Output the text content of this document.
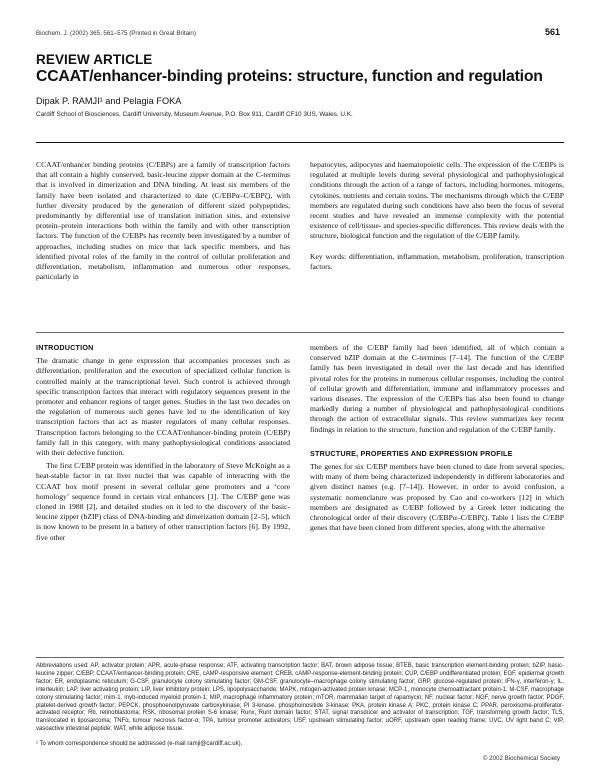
Biochem. J. (2002) 365, 561–575 (Printed in Great Britain)	561
REVIEW ARTICLE
CCAAT/enhancer-binding proteins: structure, function and regulation
Dipak P. RAMJI¹ and Pelagia FOKA
Cardiff School of Biosciences, Cardiff University, Museum Avenue, P.O. Box 911, Cardiff CF10 3US, Wales, U.K.

CCAAT/enhancer binding proteins (C/EBPs) are a family of transcription factors that all contain a highly conserved, basic-leucine zipper domain at the C-terminus that is involved in dimerization and DNA binding. At least six members of the family have been isolated and characterized to date (C/EBPα–C/EBPζ), with further diversity produced by the generation of different sized polypeptides, predominantly by differential use of translation initiation sites, and extensive protein–protein interactions both within the family and with other transcription factors. The function of the C/EBPs has recently been investigated by a number of approaches, including studies on mice that lack specific members, and has identified pivotal roles of the family in the control of cellular proliferation and differentiation, metabolism, inflammation and numerous other responses, particularly in

hepatocytes, adipocytes and haematopoietic cells. The expression of the C/EBPs is regulated at multiple levels during several physiological and pathophysiological conditions through the action of a range of factors, including hormones, mitogens, cytokines, nutrients and certain toxins. The mechanisms through which the C/EBP members are regulated during such conditions have also been the focus of several recent studies and have revealed an immense complexity with the potential existence of cell/tissue- and species-specific differences. This review deals with the structure, biological function and the regulation of the C/EBP family.

Key words: differentiation, inflammation, metabolism, proliferation, transcription factors.

INTRODUCTION

The dramatic change in gene expression that accompanies processes such as differentiation, proliferation and the execution of specialized cellular function is controlled mainly at the transcriptional level. Such control is achieved through specific transcription factors that interact with regulatory sequences present in the promoter and enhancer regions of target genes. Studies in the last two decades on the regulation of numerous such genes have led to the identification of key transcription factors that act as master regulators of many cellular responses. Transcription factors belonging to the CCAAT/enhancer-binding protein (C/EBP) family fall in this category, with many pathophysiological conditions associated with their defective function.

The first C/EBP protein was identified in the laboratory of Steve McKnight as a heat-stable factor in rat liver nuclei that was capable of interacting with the CCAAT box motif present in several cellular gene promoters and a ‘core homology’ sequence found in certain viral enhancers [1]. The C/EBP gene was cloned in 1988 [2], and detailed studies on it led to the discovery of the basic-leucine zipper (bZIP) class of DNA-binding and dimerization domain [2–5], which is now known to be present in a battery of other transcription factors [6]. By 1992, five other

members of the C/EBP family had been identified, all of which contain a conserved bZIP domain at the C-terminus [7–14]. The function of the C/EBP family has been investigated in detail over the last decade and has identified pivotal roles for the proteins in numerous cellular responses, including the control of cellular growth and differentiation, immune and inflammatory processes and various diseases. The expression of the C/EBPs has also been found to change markedly during a number of physiological and pathophysiological conditions through the action of extracellular signals. This review summarizes key recent findings in relation to the structure, function and regulation of the C/EBP family.

STRUCTURE, PROPERTIES AND EXPRESSION PROFILE

The genes for six C/EBP members have been cloned to date from several species, with many of them being characterized independently in different laboratories and given distinct names (e.g. [7–14]). However, in order to avoid confusion, a systematic nomenclature was proposed by Cao and co-workers [12] in which members are designated as C/EBP followed by a Greek letter indicating the chronological order of their discovery (C/EBPα–C/EBPζ). Table 1 lists the C/EBP genes that have been cloned from different species, along with the alternative

Abbreviations used: AP, activator protein; APR, acute-phase response; ATF, activating transcription factor; BAT, brown adipose tissue; BTEB, basic transcription element-binding protein; bZIP, basic-leucine zipper; C/EBP, CCAAT/enhancer-binding protein; CRE, cAMP-responsive element; CREB, cAMP-response-element-binding protein; CUP, C/EBP undifferentiated protein; EGF, epidermal growth factor; ER, endoplasmic reticulum; G-CSF, granulocyte colony stimulating factor; GM-CSF, granulocyte–macrophage colony stimulating factor; GRP, glucose-regulated protein; IFN-γ, interferon-γ; IL, interleukin; LAP, liver activating protein; LIP, liver inhibitory protein; LPS, lipopolysaccharide; MAPK, mitogen-activated protein kinase; MCP-1, monocyte chemoattractant protein-1; M-CSF, macrophage colony stimulating factor; mim-1, myb-induced myeloid protein-1; MIP, macrophage inflammatory protein; mTOR, mammalian target of rapamycin; NF, nuclear factor; NGF, nerve growth factor; PDGF, platelet-derived growth factor; PEPCK, phosphoenolpyruvate carboxykinase; PI 3-kinase, phosphoinositide 3-kinase; PKA, protein kinase A; PKC, protein kinase C; PPAR, peroxisome-proliferator-activated receptor; Rb, retinoblastoma; RSK, ribosomal protein S-6 kinase; Runx, Runt domain factor; STAT, signal transducer and activator of transcription; TGF, transforming growth factor; TLS, translocated in liposarcoma; TNFα, tumour necrosis factor-α; TPA, tumour promoter activators; USF, upstream stimulating factor; uORF, upstream open reading frame; UVC, UV light band C; VIP, vasoactive intestinal peptide; WAT, white adipose tissue.

¹ To whom correspondence should be addressed (e-mail ramji@cardiff.ac.uk).
© 2002 Biochemical Society
